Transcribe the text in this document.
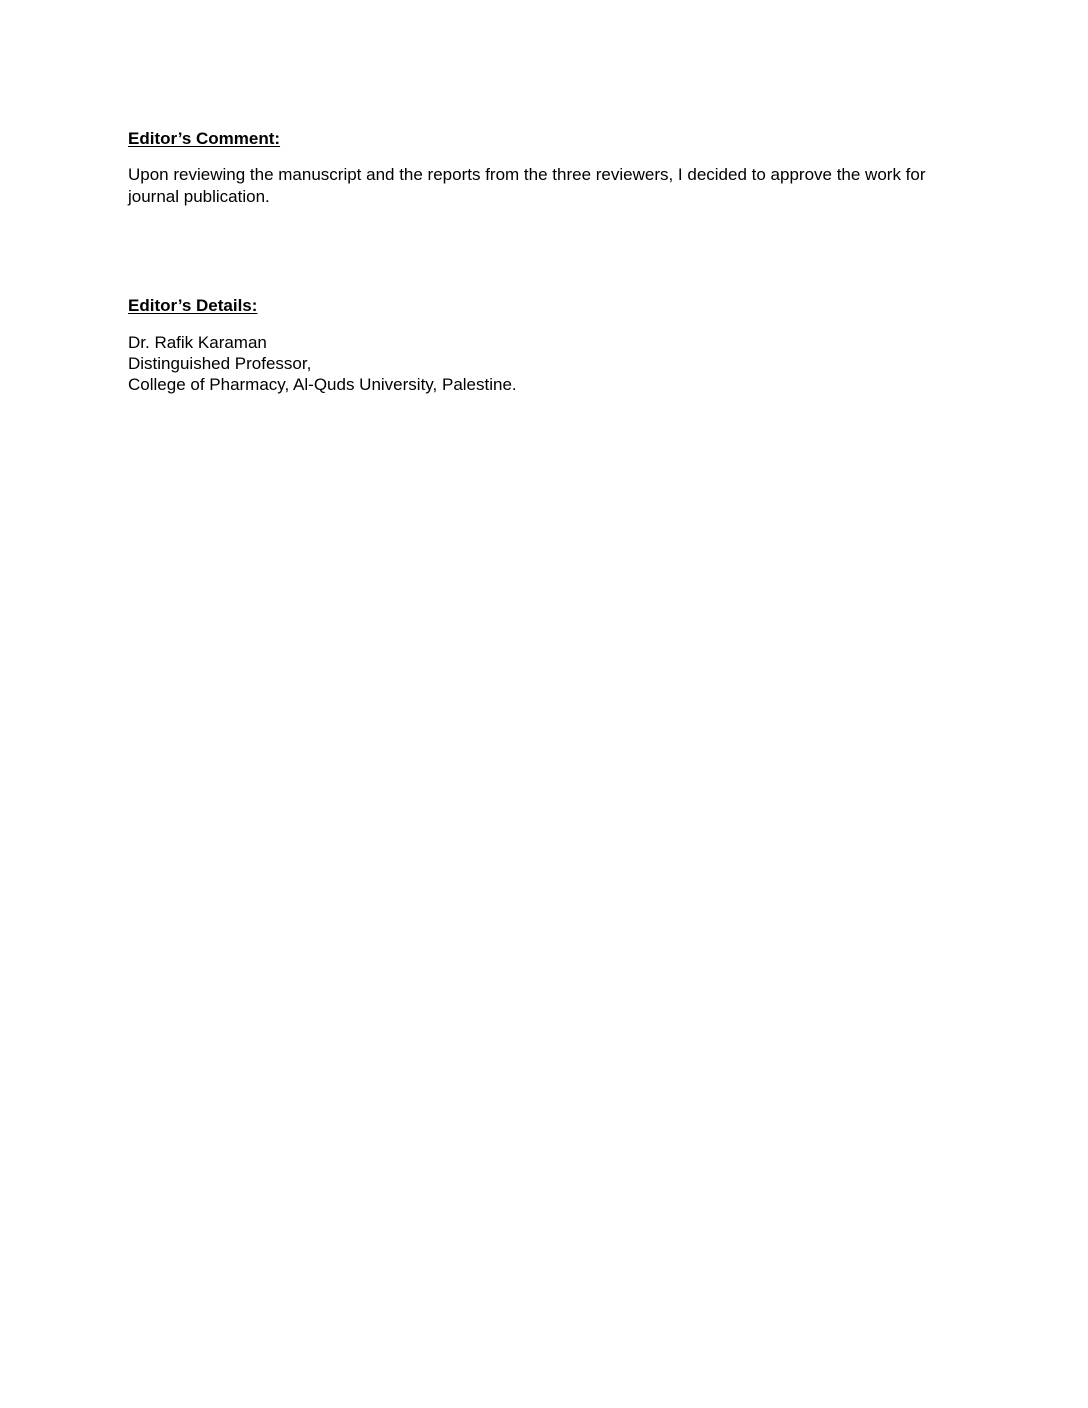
Editor’s Comment:

Upon reviewing the manuscript and the reports from the three reviewers, I decided to approve the work for journal publication.

Editor’s Details:
Dr. Rafik Karaman
Distinguished Professor,
College of Pharmacy, Al-Quds University, Palestine.
